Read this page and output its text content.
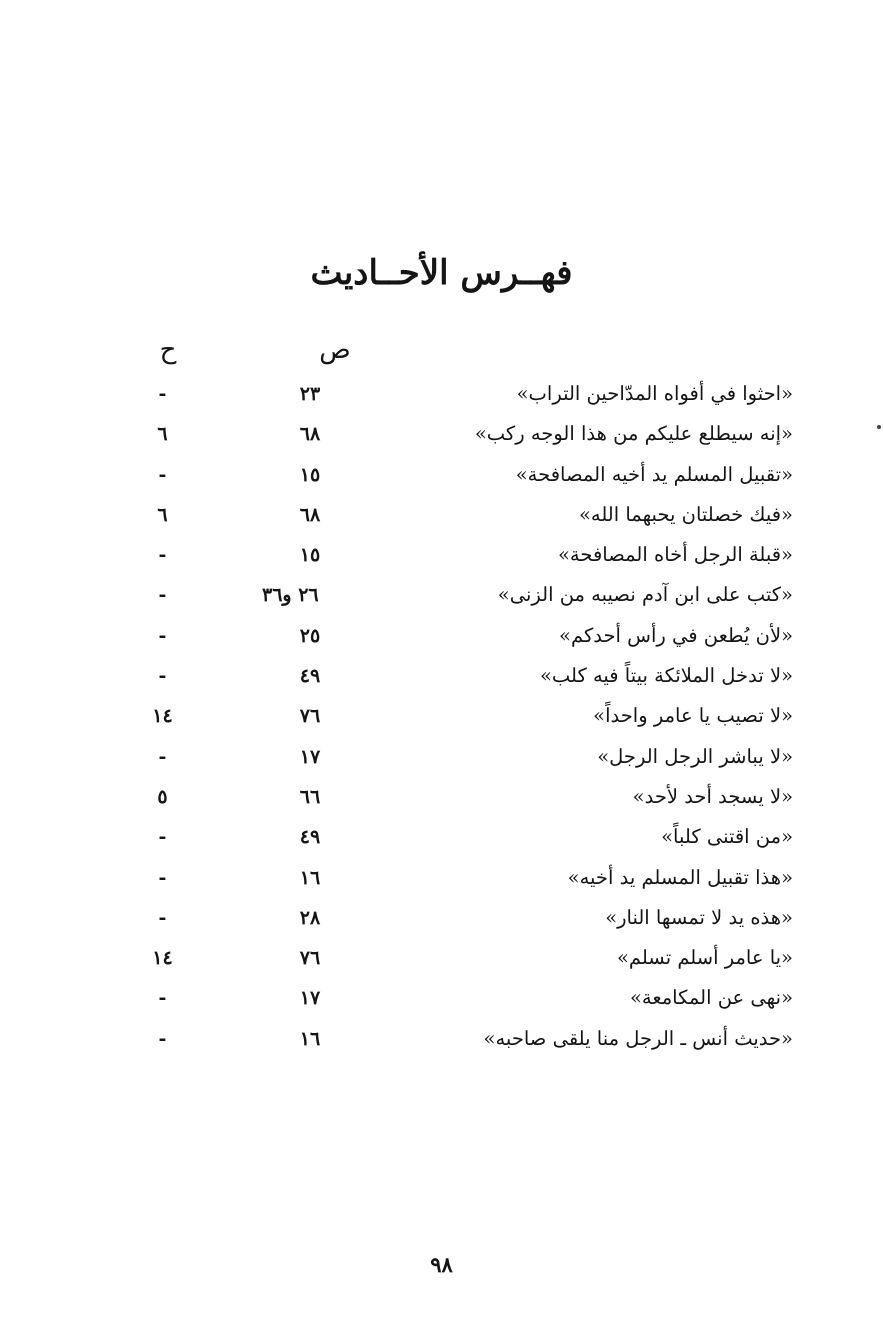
فهــرس الأحــاديث
ص
ح
«احثوا في أفواه المدّاحين التراب»
٢٣
-
«إنه سيطلع عليكم من هذا الوجه ركب»
٦٨
٦
«تقبيل المسلم يد أخيه المصافحة»
١٥
-
«فيك خصلتان يحبهما الله»
٦٨
٦
«قبلة الرجل أخاه المصافحة»
١٥
-
«كتب على ابن آدم نصيبه من الزنى»
٢٦ و٣٦
-
«لأن يُطعن في رأس أحدكم»
٢٥
-
«لا تدخل الملائكة بيتاً فيه كلب»
٤٩
-
«لا تصيب يا عامر واحداً»
٧٦
١٤
«لا يباشر الرجل الرجل»
١٧
-
«لا يسجد أحد لأحد»
٦٦
٥
«من اقتنى كلباً»
٤٩
-
«هذا تقبيل المسلم يد أخيه»
١٦
-
«هذه يد لا تمسها النار»
٢٨
-
«يا عامر أسلم تسلم»
٧٦
١٤
«نهى عن المكامعة»
١٧
-
«حديث أنس ـ الرجل منا يلقى صاحبه»
١٦
-
٩٨
